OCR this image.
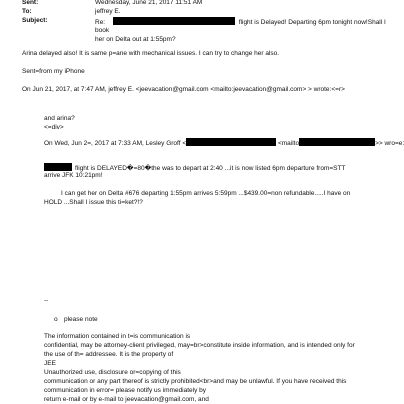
Sent:	Wednesday, June 21, 2017 11:51 AM
To:	jeffrey E.
Subject:	Re:	flight is Delayed! Departing 6pm tonight now!Shall I book
her on Delta out at 1:55pm?
Arina delayed also! It is same p=ane with mechanical issues. I can try to change her also.
Sent=from my iPhone
On Jun 21, 2017, at 7:47 AM, jeffrey E. <jeevacation@gmail.com <mailto:jeevacation@gmail.com> > wrote:<=r>
and arina?
<=div>
On Wed, Jun 2=, 2017 at 7:33 AM, Lesley Groff <	<mailto	>> wro=e:
flight is DELAYED�=80�the was to depart at 2:40 ...it is now listed 6pm departure from=STT
arrive JFK 10:21pm!
I can get her on Delta #676 departing 1:55pm arrives 5:59pm ...$439.00=non refundable.....I have on
HOLD ...Shall I issue this ti=ket?!?
--
o please note
The information contained in t=is communication is
confidential, may be attorney-client privileged, may=br>constitute inside information, and is intended only for
the use of th= addressee. It is the property of
JEE
Unauthorized use, disclosure or=copying of this
communication or any part thereof is strictly prohibited<br>and may be unlawful. If you have received this
communication in error= please notify us immediately by
return e-mail or by e-mail to jeevacation@gmail.com, and
